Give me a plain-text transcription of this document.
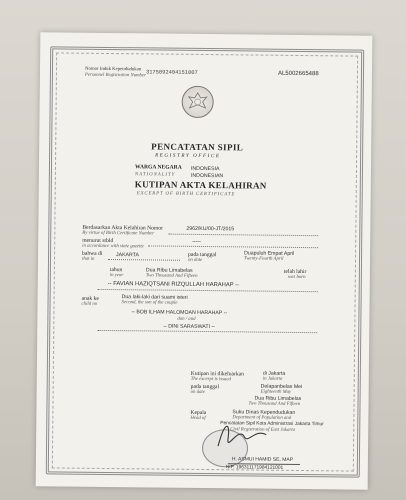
Nomor Induk Kependudukan
Personnel Registration Number 3175092404151007	AL5002665488
PENCATATAN SIPIL
REGISTRY OFFICE
WARGA NEGARA INDONESIA
NATIONALITY	INDONESIAN
KUTIPAN AKTA KELAHIRAN
EXCERPT OF BIRTH CERTIFICATE
Berdasarkan Akta Kelahiran Nomor
By virtue of Birth Certificate Number
2962/KU/00-JT/2015
menurut stbld
in accordance with state gazette
-----
bahwa di
that in
JAKARTA	pada tanggal
on date
Duapuluh Empat April
Twenty-Fourth April
tahun
in year
Dua Ribu Limabelas
Two Thousand And Fifteen
telah lahir
was born
-- FAVIAN HAZIQTSANI RIZQULLAH HARAHAP --
anak ke
child no
Dua laki-laki dari suami isteri
Second, the son of the couple
-- BOB ILHAM HALOMOAN HARAHAP --
dan / and
-- DINI SARASWATI --
Kutipan ini dikeluarkan
The excerpt is issued
di Jakarta
in Jakarta
pada tanggal
on date
Delapanbelas Mei
Eighteenth May
Dua Ribu Limabelas
Two Thousand And Fifteen
Kepala
Head of
Suku Dinas Kependudukan
Department of Population and
Pencatatan Sipil Kota Administrasi Jakarta Timur
Civil Registration of East Jakarta
H. ASMUI HAMID SE, MAP
NIP. 196311171984121001
